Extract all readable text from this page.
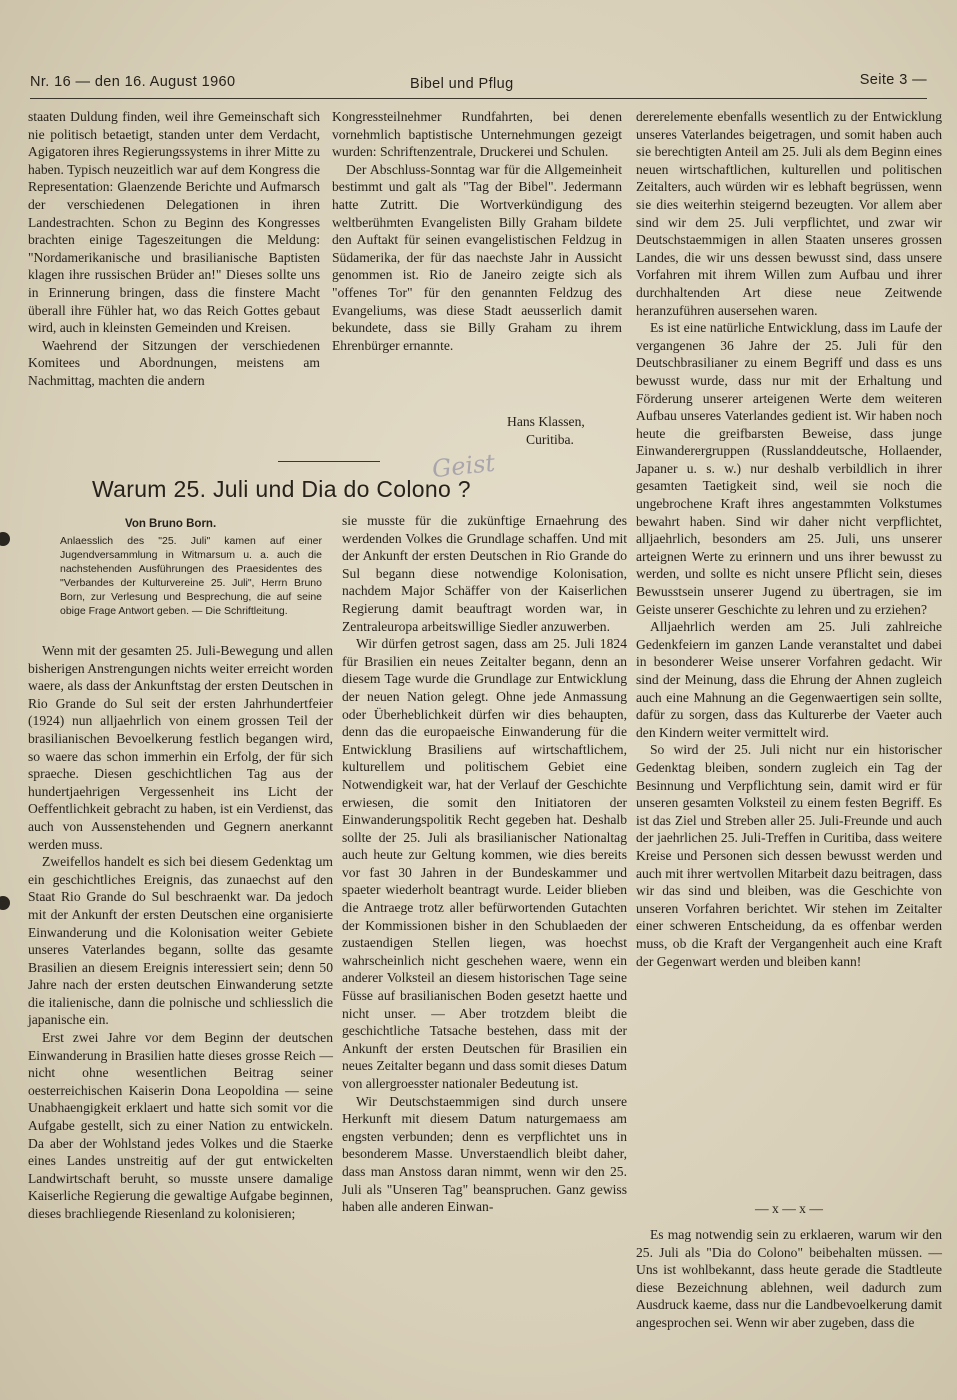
Nr. 16 — den 16. August 1960	Bibel und Pflug	Seite 3 —

staaten Duldung finden, weil ihre Gemeinschaft sich nie politisch betaetigt, standen unter dem Verdacht, Agigatoren ihres Regierungssystems in ihrer Mitte zu haben. Typisch neuzeitlich war auf dem Kongress die Representation: Glaenzende Berichte und Aufmarsch der verschiedenen Delegationen in ihren Landestrachten. Schon zu Beginn des Kongresses brachten einige Tageszeitungen die Meldung: "Nordamerikanische und brasilianische Baptisten klagen ihre russischen Brüder an!" Dieses sollte uns in Erinnerung bringen, dass die finstere Macht überall ihre Fühler hat, wo das Reich Gottes gebaut wird, auch in kleinsten Gemeinden und Kreisen.

Waehrend der Sitzungen der verschiedenen Komitees und Abordnungen, meistens am Nachmittag, machten die andern

Kongressteilnehmer Rundfahrten, bei denen vornehmlich baptistische Unternehmungen gezeigt wurden: Schriftenzentrale, Druckerei und Schulen.

Der Abschluss-Sonntag war für die Allgemeinheit bestimmt und galt als "Tag der Bibel". Jedermann hatte Zutritt. Die Wortverkündigung des weltberühmten Evangelisten Billy Graham bildete den Auftakt für seinen evangelistischen Feldzug in Südamerika, der für das naechste Jahr in Aussicht genommen ist. Rio de Janeiro zeigte sich als "offenes Tor" für den genannten Feldzug des Evangeliums, was diese Stadt aeusserlich damit bekundete, dass sie Billy Graham zu ihrem Ehrenbürger ernannte.

Hans Klassen,
Curitiba.
Geist
Warum 25. Juli und Dia do Colono ?
Von Bruno Born.

Anlaesslich des "25. Juli" kamen auf einer Jugendversammlung in Witmarsum u. a. auch die nachstehenden Ausführungen des Praesidentes des "Verbandes der Kulturvereine 25. Juli", Herrn Bruno Born, zur Verlesung und Besprechung, die auf seine obige Frage Antwort geben. — Die Schriftleitung.

Wenn mit der gesamten 25. Juli-Bewegung und allen bisherigen Anstrengungen nichts weiter erreicht worden waere, als dass der Ankunftstag der ersten Deutschen in Rio Grande do Sul seit der ersten Jahrhundertfeier (1924) nun alljaehrlich von einem grossen Teil der brasilianischen Bevoelkerung festlich begangen wird, so waere das schon immerhin ein Erfolg, der für sich spraeche. Diesen geschichtlichen Tag aus der hundertjaehrigen Vergessenheit ins Licht der Oeffentlichkeit gebracht zu haben, ist ein Verdienst, das auch von Aussenstehenden und Gegnern anerkannt werden muss.

Zweifellos handelt es sich bei diesem Gedenktag um ein geschichtliches Ereignis, das zunaechst auf den Staat Rio Grande do Sul beschraenkt war. Da jedoch mit der Ankunft der ersten Deutschen eine organisierte Einwanderung und die Kolonisation weiter Gebiete unseres Vaterlandes begann, sollte das gesamte Brasilien an diesem Ereignis interessiert sein; denn 50 Jahre nach der ersten deutschen Einwanderung setzte die italienische, dann die polnische und schliesslich die japanische ein.

Erst zwei Jahre vor dem Beginn der deutschen Einwanderung in Brasilien hatte dieses grosse Reich — nicht ohne wesentlichen Beitrag seiner oesterreichischen Kaiserin Dona Leopoldina — seine Unabhaengigkeit erklaert und hatte sich somit vor die Aufgabe gestellt, sich zu einer Nation zu entwickeln. Da aber der Wohlstand jedes Volkes und die Staerke eines Landes unstreitig auf der gut entwickelten Landwirtschaft beruht, so musste unsere damalige Kaiserliche Regierung die gewaltige Aufgabe beginnen, dieses brachliegende Riesenland zu kolonisieren;

sie musste für die zukünftige Ernaehrung des werdenden Volkes die Grundlage schaffen. Und mit der Ankunft der ersten Deutschen in Rio Grande do Sul begann diese notwendige Kolonisation, nachdem Major Schäffer von der Kaiserlichen Regierung damit beauftragt worden war, in Zentraleuropa arbeitswillige Siedler anzuwerben.

Wir dürfen getrost sagen, dass am 25. Juli 1824 für Brasilien ein neues Zeitalter begann, denn an diesem Tage wurde die Grundlage zur Entwicklung der neuen Nation gelegt. Ohne jede Anmassung oder Überheblichkeit dürfen wir dies behaupten, denn das die europaeische Einwanderung für die Entwicklung Brasiliens auf wirtschaftlichem, kulturellem und politischem Gebiet eine Notwendigkeit war, hat der Verlauf der Geschichte erwiesen, die somit den Initiatoren der Einwanderungspolitik Recht gegeben hat. Deshalb sollte der 25. Juli als brasilianischer Nationaltag auch heute zur Geltung kommen, wie dies bereits vor fast 30 Jahren in der Bundeskammer und spaeter wiederholt beantragt wurde. Leider blieben die Antraege trotz aller befürwortenden Gutachten der Kommissionen bisher in den Schublaeden der zustaendigen Stellen liegen, was hoechst wahrscheinlich nicht geschehen waere, wenn ein anderer Volksteil an diesem historischen Tage seine Füsse auf brasilianischen Boden gesetzt haette und nicht unser. — Aber trotzdem bleibt die geschichtliche Tatsache bestehen, dass mit der Ankunft der ersten Deutschen für Brasilien ein neues Zeitalter begann und dass somit dieses Datum von allergroesster nationaler Bedeutung ist.

Wir Deutschstaemmigen sind durch unsere Herkunft mit diesem Datum naturgemaess am engsten verbunden; denn es verpflichtet uns in besonderem Masse. Unverstaendlich bleibt daher, dass man Anstoss daran nimmt, wenn wir den 25. Juli als "Unseren Tag" beanspruchen. Ganz gewiss haben alle anderen Einwan-

dererelemente ebenfalls wesentlich zu der Entwicklung unseres Vaterlandes beigetragen, und somit haben auch sie berechtigten Anteil am 25. Juli als dem Beginn eines neuen wirtschaftlichen, kulturellen und politischen Zeitalters, auch würden wir es lebhaft begrüssen, wenn sie dies weiterhin steigernd bezeugten. Vor allem aber sind wir dem 25. Juli verpflichtet, und zwar wir Deutschstaemmigen in allen Staaten unseres grossen Landes, die wir uns dessen bewusst sind, dass unsere Vorfahren mit ihrem Willen zum Aufbau und ihrer durchhaltenden Art diese neue Zeitwende heranzuführen ausersehen waren.

Es ist eine natürliche Entwicklung, dass im Laufe der vergangenen 36 Jahre der 25. Juli für den Deutschbrasilianer zu einem Begriff und dass es uns bewusst wurde, dass nur mit der Erhaltung und Förderung unserer arteigenen Werte dem weiteren Aufbau unseres Vaterlandes gedient ist. Wir haben noch heute die greifbarsten Beweise, dass junge Einwanderergruppen (Russlanddeutsche, Hollaender, Japaner u. s. w.) nur deshalb verbildlich in ihrer gesamten Taetigkeit sind, weil sie noch die ungebrochene Kraft ihres angestammten Volkstumes bewahrt haben. Sind wir daher nicht verpflichtet, alljaehrlich, besonders am 25. Juli, uns unserer arteignen Werte zu erinnern und uns ihrer bewusst zu werden, und sollte es nicht unsere Pflicht sein, dieses Bewusstsein unserer Jugend zu übertragen, sie im Geiste unserer Geschichte zu lehren und zu erziehen?

Alljaehrlich werden am 25. Juli zahlreiche Gedenkfeiern im ganzen Lande veranstaltet und dabei in besonderer Weise unserer Vorfahren gedacht. Wir sind der Meinung, dass die Ehrung der Ahnen zugleich auch eine Mahnung an die Gegenwaertigen sein sollte, dafür zu sorgen, dass das Kulturerbe der Vaeter auch den Kindern weiter vermittelt wird.

So wird der 25. Juli nicht nur ein historischer Gedenktag bleiben, sondern zugleich ein Tag der Besinnung und Verpflichtung sein, damit wird er für unseren gesamten Volksteil zu einem festen Begriff. Es ist das Ziel und Streben aller 25. Juli-Freunde und auch der jaehrlichen 25. Juli-Treffen in Curitiba, dass weitere Kreise und Personen sich dessen bewusst werden und auch mit ihrer wertvollen Mitarbeit dazu beitragen, dass wir das sind und bleiben, was die Geschichte von unseren Vorfahren berichtet. Wir stehen im Zeitalter einer schweren Entscheidung, da es offenbar werden muss, ob die Kraft der Vergangenheit auch eine Kraft der Gegenwart werden und bleiben kann!

— x — x —

Es mag notwendig sein zu erklaeren, warum wir den 25. Juli als "Dia do Colono" beibehalten müssen. — Uns ist wohlbekannt, dass heute gerade die Stadtleute diese Bezeichnung ablehnen, weil dadurch zum Ausdruck kaeme, dass nur die Landbevoelkerung damit angesprochen sei. Wenn wir aber zugeben, dass die
